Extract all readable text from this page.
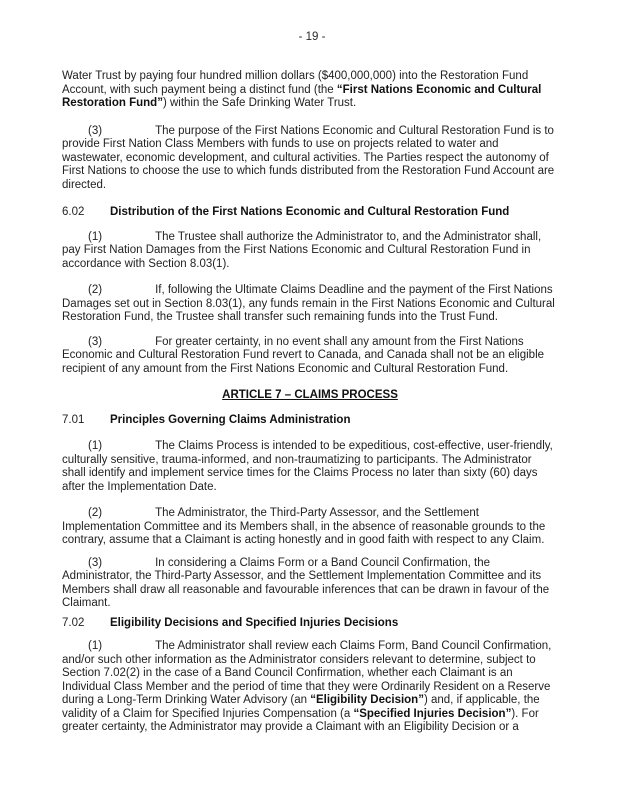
- 19 -

Water Trust by paying four hundred million dollars ($400,000,000) into the Restoration Fund Account, with such payment being a distinct fund (the “First Nations Economic and Cultural Restoration Fund”) within the Safe Drinking Water Trust.

(3)	The purpose of the First Nations Economic and Cultural Restoration Fund is to provide First Nation Class Members with funds to use on projects related to water and wastewater, economic development, and cultural activities. The Parties respect the autonomy of First Nations to choose the use to which funds distributed from the Restoration Fund Account are directed.

6.02 Distribution of the First Nations Economic and Cultural Restoration Fund

(1)	The Trustee shall authorize the Administrator to, and the Administrator shall, pay First Nation Damages from the First Nations Economic and Cultural Restoration Fund in accordance with Section 8.03(1).

(2)	If, following the Ultimate Claims Deadline and the payment of the First Nations Damages set out in Section 8.03(1), any funds remain in the First Nations Economic and Cultural Restoration Fund, the Trustee shall transfer such remaining funds into the Trust Fund.

(3)	For greater certainty, in no event shall any amount from the First Nations Economic and Cultural Restoration Fund revert to Canada, and Canada shall not be an eligible recipient of any amount from the First Nations Economic and Cultural Restoration Fund.

ARTICLE 7 – CLAIMS PROCESS
7.01 Principles Governing Claims Administration

(1)	The Claims Process is intended to be expeditious, cost-effective, user-friendly, culturally sensitive, trauma-informed, and non-traumatizing to participants. The Administrator shall identify and implement service times for the Claims Process no later than sixty (60) days after the Implementation Date.

(2)	The Administrator, the Third-Party Assessor, and the Settlement Implementation Committee and its Members shall, in the absence of reasonable grounds to the contrary, assume that a Claimant is acting honestly and in good faith with respect to any Claim.

(3)	In considering a Claims Form or a Band Council Confirmation, the Administrator, the Third-Party Assessor, and the Settlement Implementation Committee and its Members shall draw all reasonable and favourable inferences that can be drawn in favour of the Claimant.

7.02 Eligibility Decisions and Specified Injuries Decisions

(1)	The Administrator shall review each Claims Form, Band Council Confirmation, and/or such other information as the Administrator considers relevant to determine, subject to Section 7.02(2) in the case of a Band Council Confirmation, whether each Claimant is an Individual Class Member and the period of time that they were Ordinarily Resident on a Reserve during a Long-Term Drinking Water Advisory (an “Eligibility Decision”) and, if applicable, the validity of a Claim for Specified Injuries Compensation (a “Specified Injuries Decision”). For greater certainty, the Administrator may provide a Claimant with an Eligibility Decision or a
